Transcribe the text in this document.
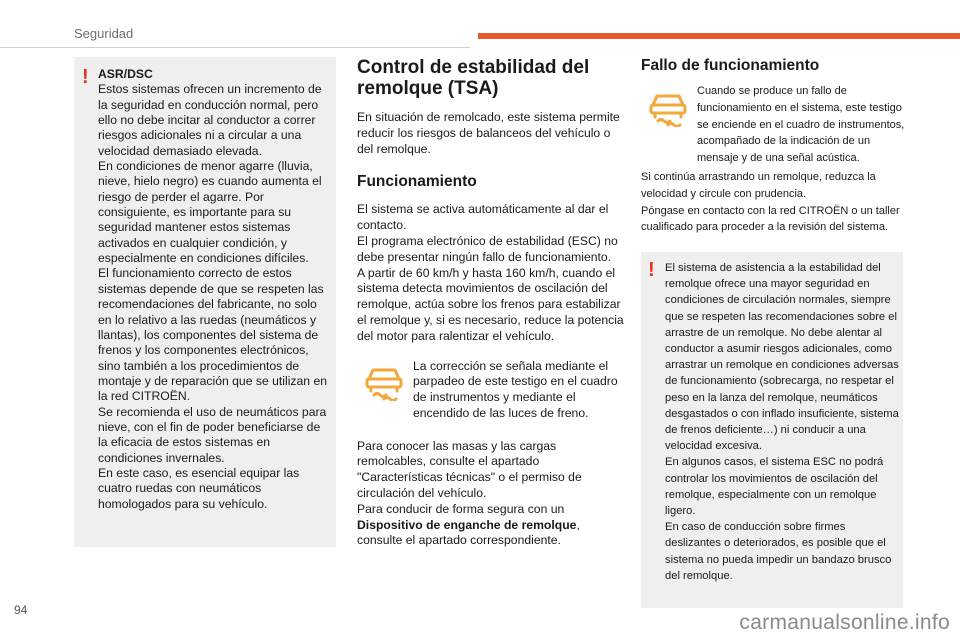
Seguridad
! ASR/DSC

Estos sistemas ofrecen un incremento de la seguridad en conducción normal, pero ello no debe incitar al conductor a correr riesgos adicionales ni a circular a una velocidad demasiado elevada.

En condiciones de menor agarre (lluvia, nieve, hielo negro) es cuando aumenta el riesgo de perder el agarre. Por consiguiente, es importante para su seguridad mantener estos sistemas activados en cualquier condición, y especialmente en condiciones difíciles.

El funcionamiento correcto de estos sistemas depende de que se respeten las recomendaciones del fabricante, no solo en lo relativo a las ruedas (neumáticos y llantas), los componentes del sistema de frenos y los componentes electrónicos, sino también a los procedimientos de montaje y de reparación que se utilizan en la red CITROËN.

Se recomienda el uso de neumáticos para nieve, con el fin de poder beneficiarse de la eficacia de estos sistemas en condiciones invernales.

En este caso, es esencial equipar las cuatro ruedas con neumáticos homologados para su vehículo.

Control de estabilidad del remolque (TSA)

En situación de remolcado, este sistema permite reducir los riesgos de balanceos del vehículo o del remolque.

Funcionamiento

El sistema se activa automáticamente al dar el contacto.

El programa electrónico de estabilidad (ESC) no debe presentar ningún fallo de funcionamiento.

A partir de 60 km/h y hasta 160 km/h, cuando el sistema detecta movimientos de oscilación del remolque, actúa sobre los frenos para estabilizar el remolque y, si es necesario, reduce la potencia del motor para ralentizar el vehículo.

La corrección se señala mediante el parpadeo de este testigo en el cuadro de instrumentos y mediante el encendido de las luces de freno.

Para conocer las masas y las cargas remolcables, consulte el apartado "Características técnicas" o el permiso de circulación del vehículo.

Para conducir de forma segura con un Dispositivo de enganche de remolque, consulte el apartado correspondiente.

Fallo de funcionamiento

Cuando se produce un fallo de funcionamiento en el sistema, este testigo se enciende en el cuadro de instrumentos, acompañado de la indicación de un mensaje y de una señal acústica.

Si continúa arrastrando un remolque, reduzca la velocidad y circule con prudencia.

Póngase en contacto con la red CITROËN o un taller cualificado para proceder a la revisión del sistema.

! El sistema de asistencia a la estabilidad del remolque ofrece una mayor seguridad en condiciones de circulación normales, siempre que se respeten las recomendaciones sobre el arrastre de un remolque. No debe alentar al conductor a asumir riesgos adicionales, como arrastrar un remolque en condiciones adversas de funcionamiento (sobrecarga, no respetar el peso en la lanza del remolque, neumáticos desgastados o con inflado insuficiente, sistema de frenos deficiente…) ni conducir a una velocidad excesiva.

En algunos casos, el sistema ESC no podrá controlar los movimientos de oscilación del remolque, especialmente con un remolque ligero.

En caso de conducción sobre firmes deslizantes o deteriorados, es posible que el sistema no pueda impedir un bandazo brusco del remolque.

94
carmanualsonline.info
